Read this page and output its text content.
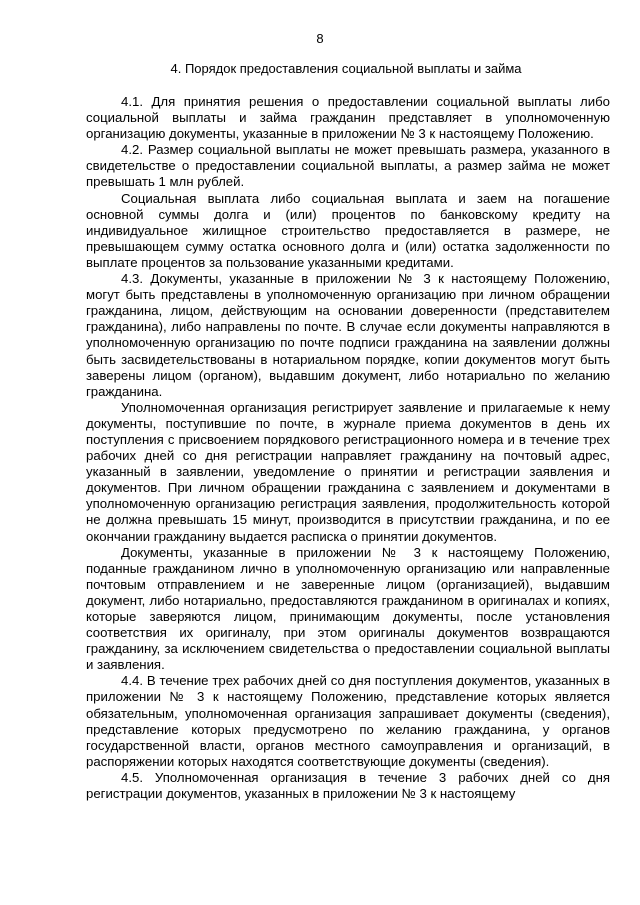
8
4. Порядок предоставления социальной выплаты и займа

4.1. Для принятия решения о предоставлении социальной выплаты либо социальной выплаты и займа гражданин представляет в уполномоченную организацию документы, указанные в приложении № 3 к настоящему Положению.

4.2. Размер социальной выплаты не может превышать размера, указанного в свидетельстве о предоставлении социальной выплаты, а размер займа не может превышать 1 млн рублей.

Социальная выплата либо социальная выплата и заем на погашение основной суммы долга и (или) процентов по банковскому кредиту на индивидуальное жилищное строительство предоставляется в размере, не превышающем сумму остатка основного долга и (или) остатка задолженности по выплате процентов за пользование указанными кредитами.

4.3. Документы, указанные в приложении № 3 к настоящему Положению, могут быть представлены в уполномоченную организацию при личном обращении гражданина, лицом, действующим на основании доверенности (представителем гражданина), либо направлены по почте. В случае если документы направляются в уполномоченную организацию по почте подписи гражданина на заявлении должны быть засвидетельствованы в нотариальном порядке, копии документов могут быть заверены лицом (органом), выдавшим документ, либо нотариально по желанию гражданина.

Уполномоченная организация регистрирует заявление и прилагаемые к нему документы, поступившие по почте, в журнале приема документов в день их поступления с присвоением порядкового регистрационного номера и в течение трех рабочих дней со дня регистрации направляет гражданину на почтовый адрес, указанный в заявлении, уведомление о принятии и регистрации заявления и документов. При личном обращении гражданина с заявлением и документами в уполномоченную организацию регистрация заявления, продолжительность которой не должна превышать 15 минут, производится в присутствии гражданина, и по ее окончании гражданину выдается расписка о принятии документов.

Документы, указанные в приложении № 3 к настоящему Положению, поданные гражданином лично в уполномоченную организацию или направленные почтовым отправлением и не заверенные лицом (организацией), выдавшим документ, либо нотариально, предоставляются гражданином в оригиналах и копиях, которые заверяются лицом, принимающим документы, после установления соответствия их оригиналу, при этом оригиналы документов возвращаются гражданину, за исключением свидетельства о предоставлении социальной выплаты и заявления.

4.4. В течение трех рабочих дней со дня поступления документов, указанных в приложении № 3 к настоящему Положению, представление которых является обязательным, уполномоченная организация запрашивает документы (сведения), представление которых предусмотрено по желанию гражданина, у органов государственной власти, органов местного самоуправления и организаций, в распоряжении которых находятся соответствующие документы (сведения).

4.5. Уполномоченная организация в течение 3 рабочих дней со дня регистрации документов, указанных в приложении № 3 к настоящему
